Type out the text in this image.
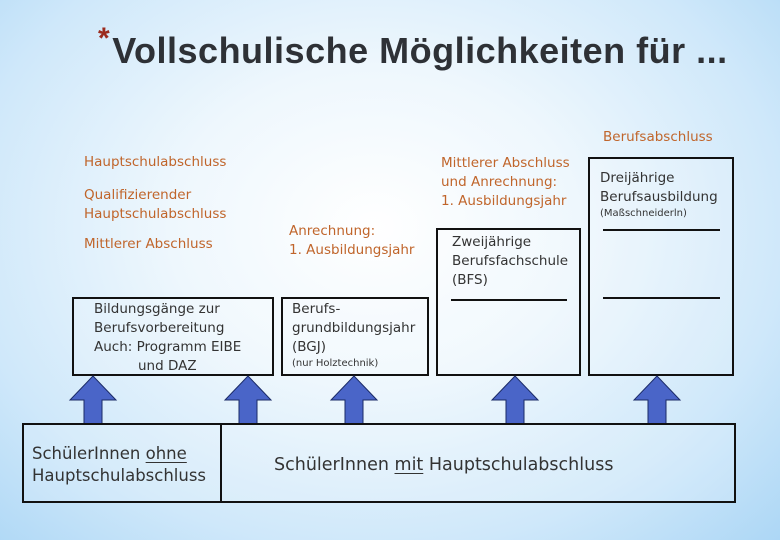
*Vollschulische Möglichkeiten für ...
Berufsabschluss
Hauptschulabschluss
Qualifizierender
Hauptschulabschluss
Mittlerer Abschluss
Anrechnung:
1. Ausbildungsjahr
Mittlerer Abschluss
und Anrechnung:
1. Ausbildungsjahr
Bildungsgänge zur
Berufsvorbereitung
Auch: Programm EIBE
und DAZ
Berufs-
grundbildungsjahr
(BGJ)
(nur Holztechnik)
Zweijährige
Berufsfachschule
(BFS)
Dreijährige
Berufsausbildung
(Maßschneiderln)
SchülerInnen ohne
Hauptschulabschluss
SchülerInnen mit Hauptschulabschluss
